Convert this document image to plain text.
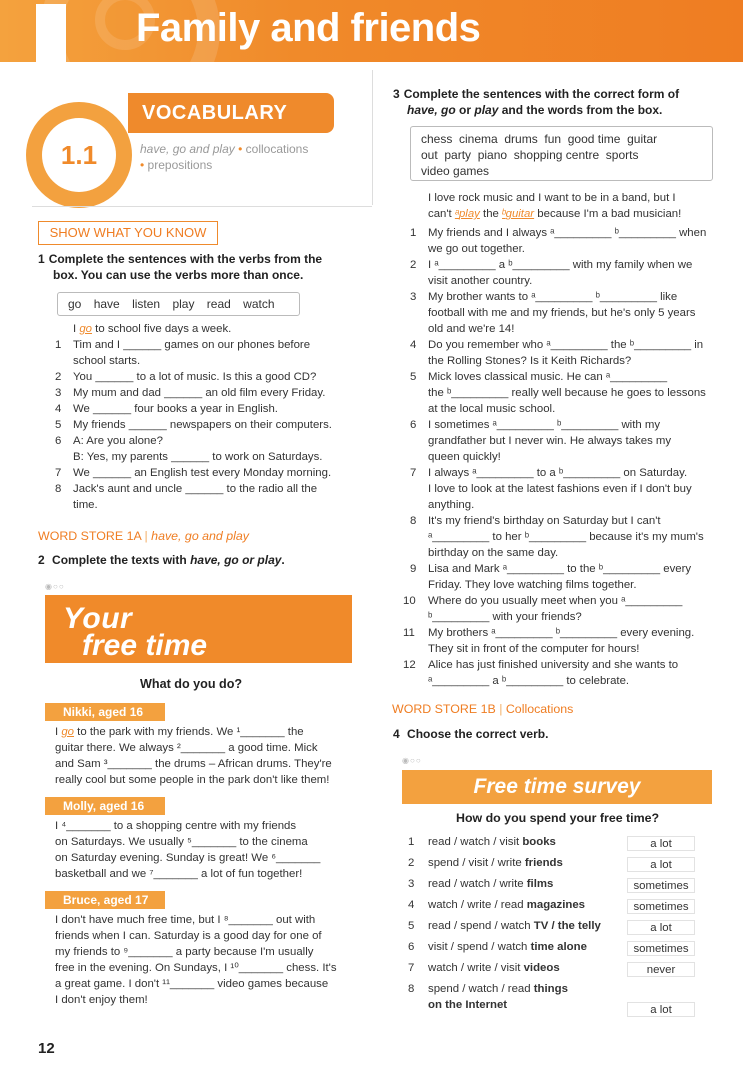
Family and friends
1.1
VOCABULARY
have, go and play • collocations
• prepositions
SHOW WHAT YOU KNOW
1 Complete the sentences with the verbs from the
box. You can use the verbs more than once.
go have listen play read watch
I go to school five days a week.
1 Tim and I ______ games on our phones before
school starts.
2 You ______ to a lot of music. Is this a good CD?
3 My mum and dad ______ an old film every Friday.
4 We ______ four books a year in English.
5 My friends ______ newspapers on their computers.
6 A: Are you alone?
B: Yes, my parents ______ to work on Saturdays.
7 We ______ an English test every Monday morning.
8 Jack's aunt and uncle ______ to the radio all the
time.
WORD STORE 1A | have, go and play
2 Complete the texts with have, go or play.
◉○○
Your
free time
What do you do?
Nikki, aged 16
I go to the park with my friends. We ¹_______ the
guitar there. We always ²_______ a good time. Mick
and Sam ³_______ the drums – African drums. They're
really cool but some people in the park don't like them!
Molly, aged 16
I ⁴_______ to a shopping centre with my friends
on Saturdays. We usually ⁵_______ to the cinema
on Saturday evening. Sunday is great! We ⁶_______
basketball and we ⁷_______ a lot of fun together!
Bruce, aged 17
I don't have much free time, but I ⁸_______ out with
friends when I can. Saturday is a good day for one of
my friends to ⁹_______ a party because I'm usually
free in the evening. On Sundays, I ¹⁰_______ chess. It's
a great game. I don't ¹¹_______ video games because
I don't enjoy them!
12
3 Complete the sentences with the correct form of
have, go or play and the words from the box.
chess  cinema  drums  fun  good time  guitar
out  party  piano  shopping centre  sports
video games
I love rock music and I want to be in a band, but I
can't ᵃplay the ᵇguitar because I'm a bad musician!
1 My friends and I always ᵃ_________ ᵇ_________ when
we go out together.
2 I ᵃ_________ a ᵇ_________ with my family when we
visit another country.
3 My brother wants to ᵃ_________ ᵇ_________ like
football with me and my friends, but he's only 5 years
old and we're 14!
4 Do you remember who ᵃ_________ the ᵇ_________ in
the Rolling Stones? Is it Keith Richards?
5 Mick loves classical music. He can ᵃ_________
the ᵇ_________ really well because he goes to lessons
at the local music school.
6 I sometimes ᵃ_________ ᵇ_________ with my
grandfather but I never win. He always takes my
queen quickly!
7 I always ᵃ_________ to a ᵇ_________ on Saturday.
I love to look at the latest fashions even if I don't buy
anything.
8 It's my friend's birthday on Saturday but I can't
ᵃ_________ to her ᵇ_________ because it's my mum's
birthday on the same day.
9 Lisa and Mark ᵃ_________ to the ᵇ_________ every
Friday. They love watching films together.
10 Where do you usually meet when you ᵃ_________
ᵇ_________ with your friends?
11 My brothers ᵃ_________ ᵇ_________ every evening.
They sit in front of the computer for hours!
12 Alice has just finished university and she wants to
ᵃ_________ a ᵇ_________ to celebrate.
WORD STORE 1B | Collocations
4 Choose the correct verb.
◉○○
Free time survey
How do you spend your free time?
1 read / watch / visit books	a lot
2 spend / visit / write friends	a lot
3 read / watch / write films	sometimes
4 watch / write / read magazines	sometimes
5 read / spend / watch TV / the telly	a lot
6 visit / spend / watch time alone	sometimes
7 watch / write / visit videos	never
8 spend / watch / read things
on the Internet	a lot
